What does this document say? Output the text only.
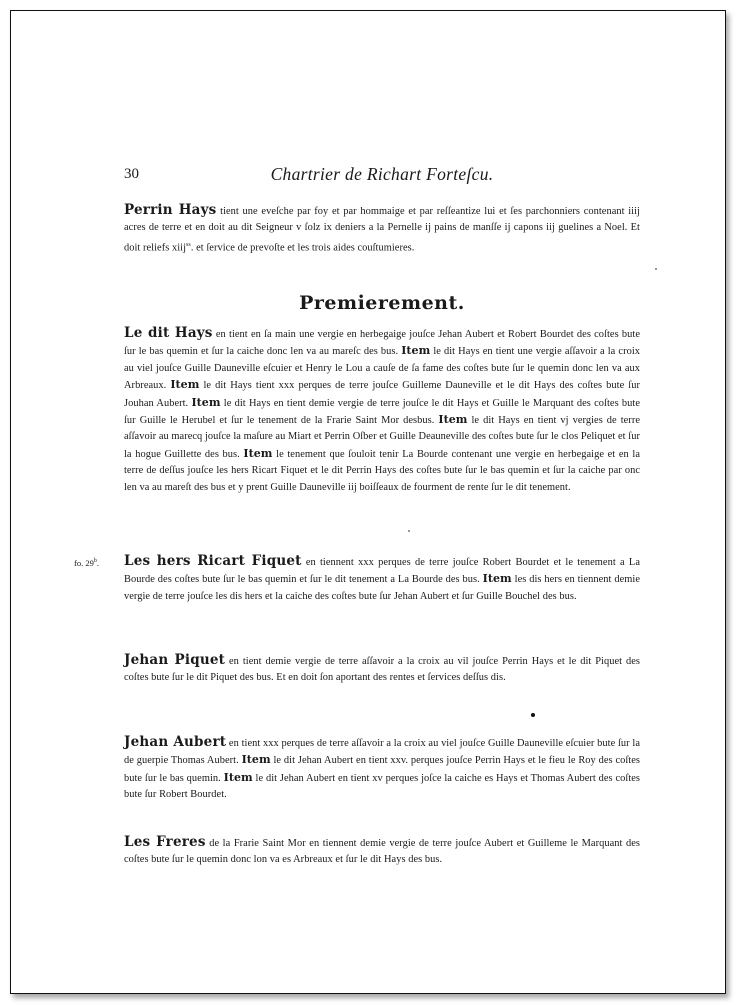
30	Chartrier de Richart Forteſcu.
Perrin Hays tient une eveſche par foy et par hommaige et par reſſeantize lui et ſes parchonniers contenant iiij acres de terre et en doit au dit Seigneur v ſolz ix deniers a la Pernelle ij pains de manſſe ij capons iij guelines a Noel. Et doit reliefs xiij$^{ss}$. et ſervice de prevoſte et les trois aides couſtumieres.
Premierement.
Le dit Hays en tient en ſa main une vergie en herbegaige jouſce Jehan Aubert et Robert Bourdet des coſtes bute ſur le bas quemin et ſur la caiche donc len va au mareſc des bus. Item le dit Hays en tient une vergie aſſavoir a la croix au viel jouſce Guille Dauneville eſcuier et Henry le Lou a cauſe de ſa fame des coſtes bute ſur le quemin donc len va aux Arbreaux. Item le dit Hays tient xxx perques de terre jouſce Guilleme Dauneville et le dit Hays des coſtes bute ſur Jouhan Aubert. Item le dit Hays en tient demie vergie de terre jouſce le dit Hays et Guille le Marquant des coſtes bute ſur Guille le Herubel et ſur le tenement de la Frarie Saint Mor desbus. Item le dit Hays en tient vj vergies de terre aſſavoir au marecq jouſce la maſure au Miart et Perrin Oſber et Guille Deauneville des coſtes bute ſur le clos Peliquet et ſur la hogue Guillette des bus. Item le tenement que ſouloit tenir La Bourde contenant une vergie en herbegaige et en la terre de deſſus jouſce les hers Ricart Fiquet et le dit Perrin Hays des coſtes bute ſur le bas quemin et ſur la caiche par onc len va au mareſt des bus et y prent Guille Dauneville iij boiſſeaux de fourment de rente ſur le dit tenement.
fo. 29$^b$. Les hers Ricart Fiquet en tiennent xxx perques de terre jouſce Robert Bourdet et le tenement a La Bourde des coſtes bute ſur le bas quemin et ſur le dit tenement a La Bourde des bus. Item les dis hers en tiennent demie vergie de terre jouſce les dis hers et la caiche des coſtes bute ſur Jehan Aubert et ſur Guille Bouchel des bus.
Jehan Piquet en tient demie vergie de terre aſſavoir a la croix au vil jouſce Perrin Hays et le dit Piquet des coſtes bute ſur le dit Piquet des bus. Et en doit ſon aportant des rentes et ſervices deſſus dis.
Jehan Aubert en tient xxx perques de terre aſſavoir a la croix au viel jouſce Guille Dauneville eſcuier bute ſur la de guerpie Thomas Aubert. Item le dit Jehan Aubert en tient xxv. perques jouſce Perrin Hays et le fieu le Roy des coſtes bute ſur le bas quemin. Item le dit Jehan Aubert en tient xv perques joſce la caiche es Hays et Thomas Aubert des coſtes bute ſur Robert Bourdet.
Les Freres de la Frarie Saint Mor en tiennent demie vergie de terre jouſce Aubert et Guilleme le Marquant des coſtes bute ſur le quemin donc lon va es Arbreaux et ſur le dit Hays des bus.
